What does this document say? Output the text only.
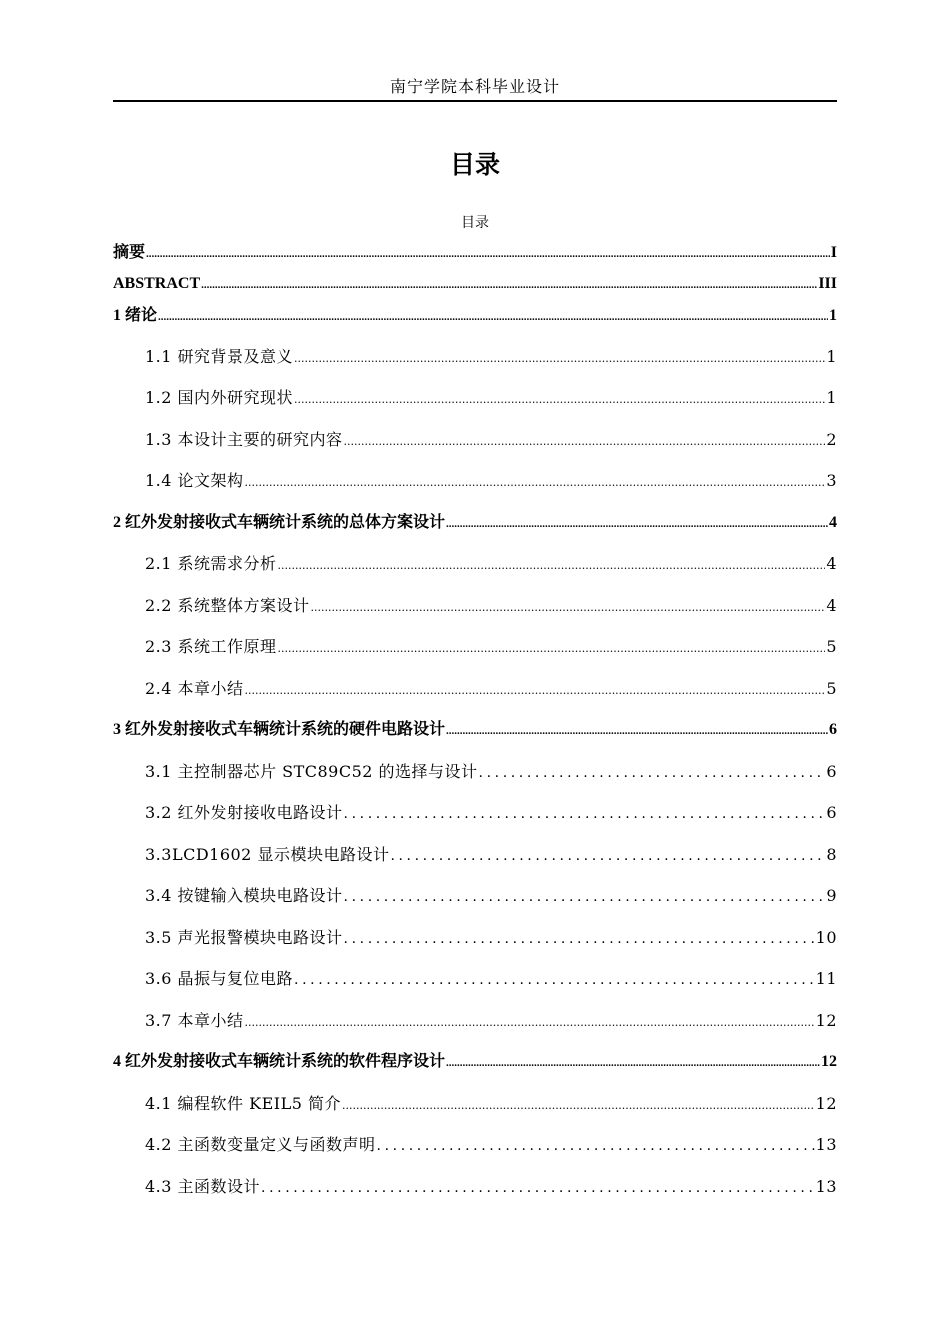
南宁学院本科毕业设计
目录
目录
摘要 .....	I
ABSTRACT .....	III
1 绪论 .....	1
1.1 研究背景及意义 .....	1
1.2 国内外研究现状 .....	1
1.3 本设计主要的研究内容 .....	2
1.4 论文架构 .....	3
2 红外发射接收式车辆统计系统的总体方案设计 .....	4
2.1 系统需求分析 .....	4
2.2 系统整体方案设计 .....	4
2.3 系统工作原理 .....	5
2.4 本章小结 .....	5
3 红外发射接收式车辆统计系统的硬件电路设计 .....	6
3.1 主控制器芯片 STC89C52 的选择与设计 .....	6
3.2 红外发射接收电路设计 .....	6
3.3LCD1602 显示模块电路设计 .....	8
3.4 按键输入模块电路设计 .....	9
3.5 声光报警模块电路设计 .....	10
3.6 晶振与复位电路 .....	11
3.7 本章小结 .....	12
4 红外发射接收式车辆统计系统的软件程序设计 .....	12
4.1 编程软件 KEIL5 简介 .....	12
4.2 主函数变量定义与函数声明 .....	13
4.3 主函数设计 .....	13
